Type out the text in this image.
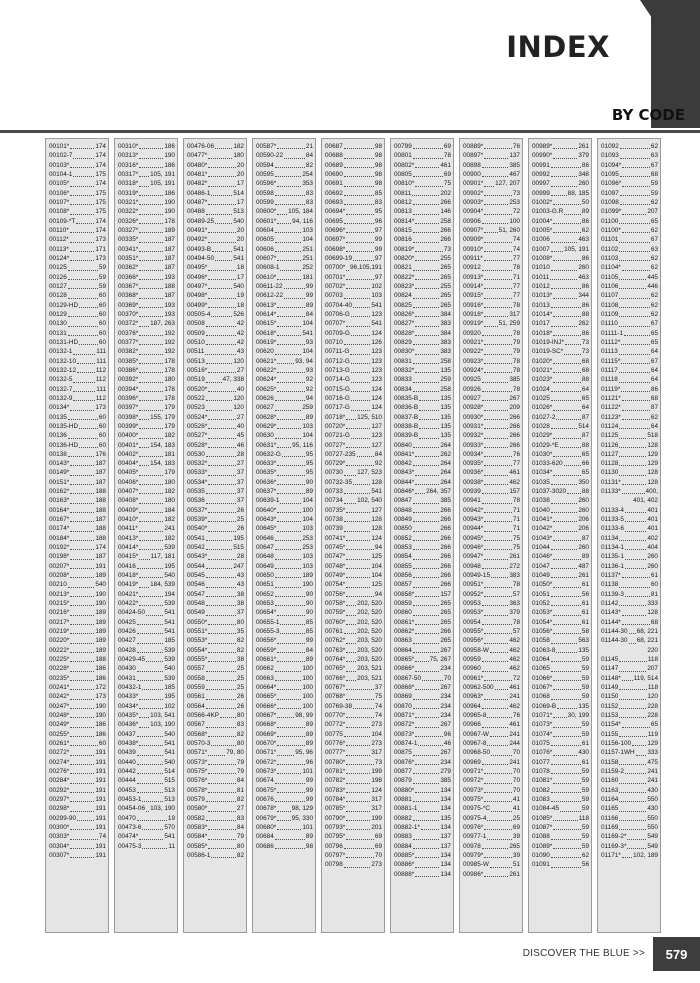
INDEX
BY CODE
00101*	174
00102-7	174
00103*	174
00104-1	175
00105*	174
00106*	175
00107*	175
00108*	175
00109-*T	174
00110*	174
00112*	173
00113*	171
00124*	173
00125	59
00126	59
00127	59
00128	60
00129-HD	60
00129	60
00130	60
00131	60
00131-HD	60
00132-1	111
00132-10	111
00132-12	112
00132-5	112
00132-7	111
00132-9	112
00134*	173
00135	60
00135-HD	60
00136	60
00136-HD	60
00138	176
00143*	187
00149*	187
00151*	187
00162*	188
00163*	188
00164*	188
00167*	187
00174*	188
00184*	188
00192*	174
00198*	187
00207*	191
00208*	189
00210	540
00213*	190
00215*	190
00216*	189
00217*	189
00219*	189
00220*	189
00222*	189
00225*	188
00228*	186
00235*	186
00241*	172
00242*	173
00247*	190
00248*	190
00249*	186
00255*	186
00261*	60
00272*	191
00274*	191
00276*	191
00284*	191
00292*	191
00297*	191
00298*	191
00299-90	191
00300*	191
00303*	74
00304*	191
00307*	191
00310*	186
00313*	190
00316*	186
00317* 105, 191
00318* 105, 191
00319*	186
00321*	190
00322*	190
00326*	178
00327*	189
00335*	187
00341*	187
00351*	187
00362*	187
00366*	193
00367*	188
00368*	187
00369*	193
00370*	193
00372* 187, 263
00376*	192
00377*	192
00382*	192
00385*	178
00386*	178
00392*	180
00394*	178
00396*	178
00397*	179
00398* 155, 179
00399*	179
00400*	182
00401* 154, 183
00402*	181
00404* 154, 183
00405*	179
00406*	180
00407*	182
00408*	180
00409*	184
00410*	182
00411*	241
00413*	182
00414*	539
00415* 117, 181
00416	195
00418*	540
00419* 184, 539
00421*	194
00422*	539
00424-50	541
00425	541
00426	541
00427	185
00428	539
00429-45	539
00430	540
00431	539
00432-1	185
00433*	195
00434*	102
00435* 103, 541
00436* 103, 190
00437	540
00438*	541
00439	541
00440	540
00442	514
00444	515
00453	513
00453-1	513
00454-06 103, 190
00470	19
00473-6	570
00474*	541
00475-3	11
00476-06	182
00477*	180
00480*	20
00481*	20
00482*	17
00486-1	514
00487*	17
00488	513
00489-25	540
00491*	20
00492*	20
00493-B	541
00494-50	541
00495*	18
00496*	17
00497*	540
00498*	19
00499*	18
00505-4	526
00508	42
00509	42
00510	42
00511	43
00513	120
00516*	27
00519	47, 338
00520*	40
00522	120
00523	120
00524*	27
00526*	40
00527*	45
00528*	46
00530	28
00532*	27
00533*	37
00534*	37
00535	37
00536	37
00537*	26
00539*	25
00540*	26
00541	195
00542	515
00543*	28
00544	247
00545	43
00546	43
00547	38
00548	38
00549	37
00550*	80
00551*	35
00553*	82
00554*	82
00555*	38
00557	25
00558	25
00559	25
00561	26
00564	26
00566-4KP	80
00567	83
00568*	82
00570-3	80
00571*	79, 80
00573*	79
00575*	79
00576*	84
00578*	81
00579	82
00580*	27
00582	83
00583*	84
00584*	79
00585*	80
00586-1	82
00587*	21
00590-22	84
00594	82
00595	254
00596*	353
00598	83
00599	83
00600* 105, 184
00601* 94, 116
00604	103
00605	104
00606	251
00607*	251
00608-1	252
00610*	181
00611-22	99
00612-22	99
00613*	89
00614*	84
00615*	104
00618*	541
00619*	93
00620	104
00621*	93, 94
00622*	93
00624*	92
00625*	92
00626	94
00627	259
00628*	89
00629*	103
00630	104
00631* 95, 116
00632-G	95
00633*	95
00635*	95
00636*	90
00637*	89
00639-1	104
00640*	100
00643*	104
00645*	103
00646	253
00647	253
00648	103
00649	103
00650	189
00651	190
00652	90
00653	90
00654*	90
00655-1	85
00655-3	85
00656*	99
00659*	84
00661*	89
00662	100
00663	100
00664*	100
00665*	100
00666*	100
00667*	98, 99
00668*	89
00669*	89
00670*	89
00671*	95, 96
00672*	96
00673*	101
00674	99
00675*	99
00676	99
00678* 98, 129
00679* 95, 330
00680*	101
00684	89
00686	98
00687	98
00688	98
00689	98
00690	98
00691	98
00692	85
00693	83
00694*	95
00695	96
00696*	97
00697*	99
00698*	99
00699-19	97
00700* 96,105,191
00701*	97
00702*	102
00703	103
00704-40	541
00706-G	123
00707*	541
00709-G	124
00710	126
00711-G	123
00712-G	123
00713-G	123
00714-G	123
00715-G	124
00716-G	124
00717-G	124
00718* 125, 510
00720*	127
00721-G	123
00727*	127
00727-235	84
00729*	92
00730 127, 523
00732-35	128
00733	541
00734 102, 540
00735*	127
00738	128
00739	128
00741*	124
00745*	94
00747*	125
00748*	104
00749*	104
00754*	125
00756*	94
00758* 202, 520
00759* 202, 520
00760* 202, 520
00761 202, 520
00762* 203, 520
00763* 203, 520
00764* 203, 520
00765* 203, 521
00766* 203, 521
00767*	37
00768*	75
00769-38	74
00770*	74
00772*	273
00775	104
00776*	273
00777*	317
00780*	73
00781*	199
00782*	198
00783*	124
00784*	317
00785*	317
00790*	199
00793*	201
00795*	69
00796	69
00797*	70
00798	273
00799	69
00801	78
00802*	461
00805	69
00810*	75
00811	202
00812	266
00813	146
00814*	258
00815	266
00816	266
00819*	73
00820*	255
00821	265
00822*	265
00823*	255
00824	265
00825	265
00826*	384
00827*	383
00828*	384
00829	383
00830*	383
00831	258
00832*	135
00833	259
00834	258
00835-B	135
00836-B	135
00837-B	135
00838-B	135
00839-B	135
00840	264
00841*	262
00842	264
00843*	264
00844*	264
00846* 264, 357
00847	385
00848	266
00849	266
00850	266
00852	266
00853	266
00854	266
00855	266
00856	266
00857	266
00858*	157
00859	265
00860	265
00861*	265
00862*	266
00863	265
00864	267
00865* 75, 267
00866*	234
00867-50	70
00868*	267
00869	234
00870	234
00871*	234
00872*	267
00873*	96
00874-1	46
00875	267
00876*	234
00877	279
00879	385
00880*	134
00881	134
00881-1	134
00882	135
00882-1*	134
00883	137
00884	137
00885*	134
00886*	134
00888*	134
00889*	76
00897*	137
00898	385
00900	467
00901* 127, 207
00902*	73
00903*	253
00904*	72
00906	100
00907* 51, 260
00909*	74
00910*	74
00911*	77
00912	78
00913*	71
00914*	77
00915*	77
00916*	78
00918*	317
00919* 51, 259
00920	78
00921*	79
00922*	79
00923*	78
00924*	78
00925	385
00926	78
00927	267
00928*	209
00930*	266
00931*	266
00932*	266
00933*	266
00934*	76
00935*	77
00936*	461
00938*	462
00939	157
00941	78
00942*	71
00943*	71
00944*	71
00945*	75
00946*	75
00947*	261
00948	272
00949-15	383
00951*	78
00952*	57
00953	363
00953*	379
00954	78
00955*	57
00956*	462
00958-W	462
00959	462
00960	462
00961*	72
00962-500 461
00963*	241
00964	462
00965-8	76
00966	461
00967-W	241
00967-8	244
00968-50	70
00969	241
00971*	70
00972*	70
00973*	70
00975*	41
00975-*C	41
00975-4	25
00976*	69
00977-1	39
00978	265
00979*	39
00985-W	51
00986*	261
00989*	261
00990*	379
00991	86
00992	348
00997	260
00999	88, 185
01002*	50
01003-G.R	89
01004*	86
01005*	62
01006	463
01007 105, 191
01008*	86
01010	260
01011	463
01012	86
01013*	344
01013	86
01014*	88
01017	262
01018*	86
01019-INJ*	73
01019-SC*	73
01020*	68
01021*	68
01023*	88
01024	64
01025	65
01026*	64
01027-2	87
01028	514
01029*	87
01029-*E	88
01030*	65
01033-620	66
01034*	65
01035	350
01037-3020 88
01038	260
01040	260
01041*	206
01042*	206
01043*	87
01044	260
01046*	89
01047	487
01049	261
01050*	61
01051	56
01052	61
01053*	61
01054*	61
01056*	58
01058	563
01063-8	135
01064	59
01065	59
01066*	59
01067*	59
01068	59
01069-B	135
01071* 30, 199
01073*	59
01074*	59
01075	61
01076*	430
01077	61
01078	59
01081*	59
01082	59
01083	59
01084-45	59
01085*	118
01087*	59
01088	59
01089*	59
01090	62
01091	56
01092	62
01093	63
01094*	67
01095	68
01096*	59
01097	59
01098	62
01099*	207
01100	65
01100*	62
01101	67
01102	63
01103	62
01104*	62
01105	445
01106	446
01107	62
01108	62
01109	62
01110	67
01111-1	65
01112*	65
01113	64
01115*	67
01117	64
01118	64
01119*	86
01121*	68
01122*	87
01123*	62
01124	64
01125	518
01126	128
01127	129
01128	129
01130	128
01131*	128
01133*	400,
401, 402
01133-4	401
01133-5	401
01133-6	401
01134	402
01134-1	404
01135-1	260
01136-1	260
01137*	61
01138	60
01139-3	81
01142	333
01143*	128
01144*	68
01144-30 68, 221
01144-30 68, 221
220
01145	118
01147	207
01148* 119, 514
01149	118
01150	120
01152	228
01153	228
01154*	65
01155	119
01156-100	129
01157-1WH 333
01158	475
01159-2	241
01160	241
01163	430
01164	550
01165	430
01166	550
01169	550
01169-2*	549
01169-3*	549
01171* 102, 189
DISCOVER THE BLUE >>	579
